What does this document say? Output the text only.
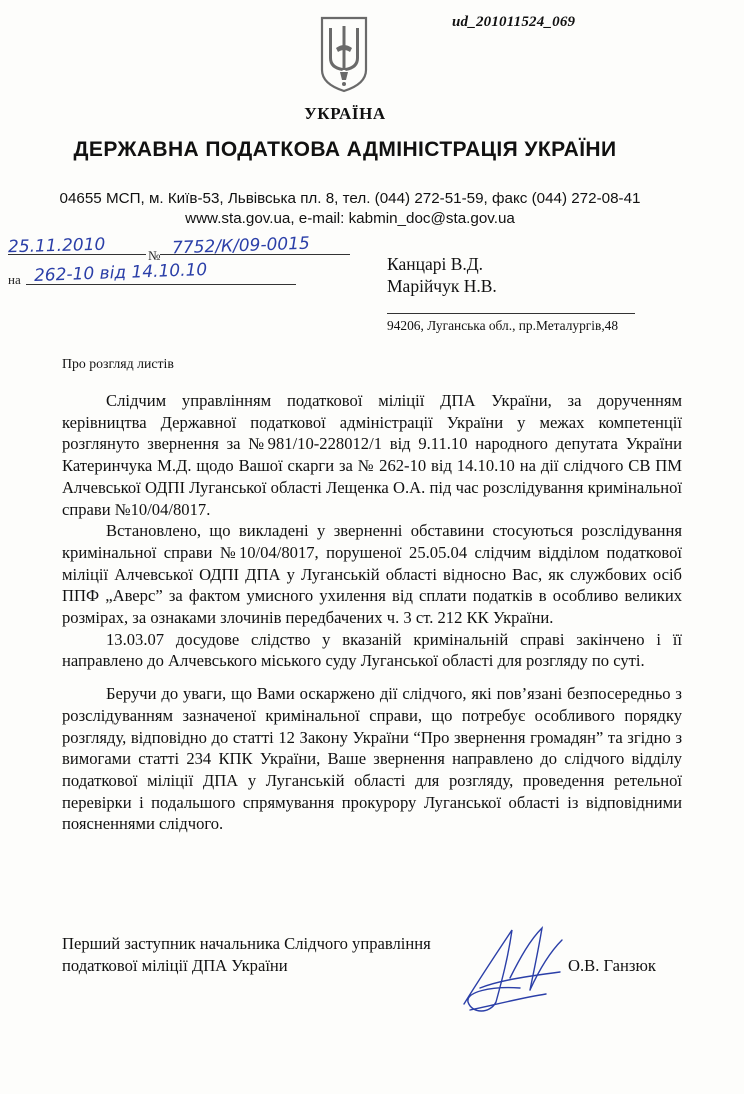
ud_201011524_069
УКРАЇНА
ДЕРЖАВНА ПОДАТКОВА АДМІНІСТРАЦІЯ УКРАЇНИ
04655 МСП, м. Київ-53, Львівська пл. 8, тел. (044) 272-51-59, факс (044) 272-08-41
www.sta.gov.ua, e-mail: kabmin_doc@sta.gov.ua
№
на
25.11.2010	7752/К/09-0015
262-10 від 14.10.10	Канцарі В.Д.
Марійчук Н.В.
94206, Луганська обл., пр.Металургів,48
Про розгляд листів

Слідчим управлінням податкової міліції ДПА України, за дорученням керівництва Державної податкової адміністрації України у межах компетенції розглянуто звернення за №981/10-228012/1 від 9.11.10 народного депутата України Катеринчука М.Д. щодо Вашої скарги за № 262-10 від 14.10.10 на дії слідчого СВ ПМ Алчевської ОДПІ Луганської області Лещенка О.А. під час розслідування кримінальної справи №10/04/8017.

Встановлено, що викладені у зверненні обставини стосуються розслідування кримінальної справи №10/04/8017, порушеної 25.05.04 слідчим відділом податкової міліції Алчевської ОДПІ ДПА у Луганській області відносно Вас, як службових осіб ППФ „Аверс” за фактом умисного ухилення від сплати податків в особливо великих розмірах, за ознаками злочинів передбачених ч. 3 ст. 212 КК України.

13.03.07 досудове слідство у вказаній кримінальній справі закінчено і її направлено до Алчевського міського суду Луганської області для розгляду по суті.

Беручи до уваги, що Вами оскаржено дії слідчого, які пов’язані безпосередньо з розслідуванням зазначеної кримінальної справи, що потребує особливого порядку розгляду, відповідно до статті 12 Закону України “Про звернення громадян” та згідно з вимогами статті 234 КПК України, Ваше звернення направлено до слідчого відділу податкової міліції ДПА у Луганській області для розгляду, проведення ретельної перевірки і подальшого спрямування прокурору Луганської області із відповідними поясненнями слідчого.

Перший заступник начальника Слідчого управління
податкової міліції ДПА України	О.В. Ганзюк
